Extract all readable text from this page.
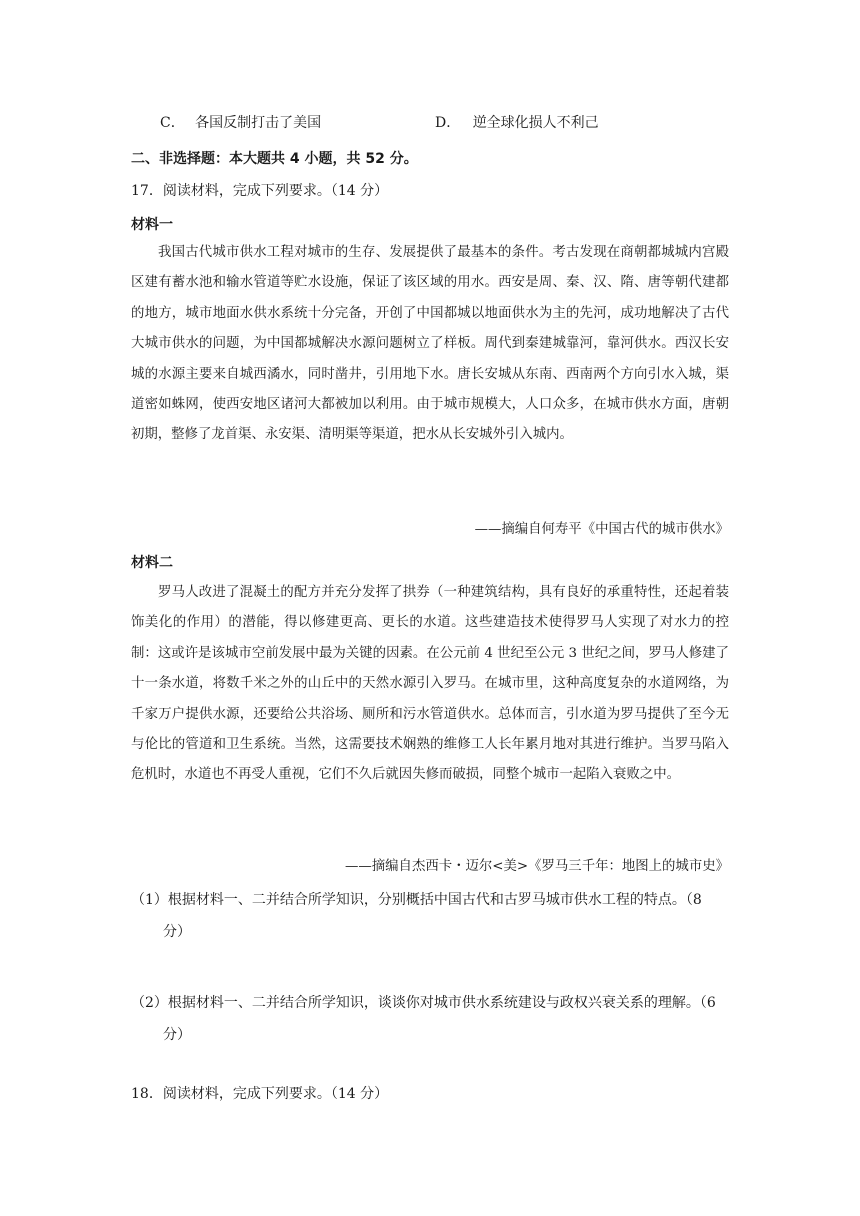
C． 各国反制打击了美国	D． 逆全球化损人不利己
二、非选择题：本大题共 4 小题，共 52 分。
17．阅读材料，完成下列要求。（14 分）
材料一
我国古代城市供水工程对城市的生存、发展提供了最基本的条件。考古发现在商朝都城城内宫殿区建有蓄水池和输水管道等贮水设施，保证了该区域的用水。西安是周、秦、汉、隋、唐等朝代建都的地方，城市地面水供水系统十分完备，开创了中国都城以地面供水为主的先河，成功地解决了古代大城市供水的问题，为中国都城解决水源问题树立了样板。周代到秦建城靠河，靠河供水。西汉长安城的水源主要来自城西潏水，同时凿井，引用地下水。唐长安城从东南、西南两个方向引水入城，渠道密如蛛网，使西安地区诸河大都被加以利用。由于城市规模大，人口众多，在城市供水方面，唐朝初期，整修了龙首渠、永安渠、清明渠等渠道，把水从长安城外引入城内。
——摘编自何寿平《中国古代的城市供水》
材料二
罗马人改进了混凝土的配方并充分发挥了拱券（一种建筑结构，具有良好的承重特性，还起着装饰美化的作用）的潜能，得以修建更高、更长的水道。这些建造技术使得罗马人实现了对水力的控制：这或许是该城市空前发展中最为关键的因素。在公元前 4 世纪至公元 3 世纪之间，罗马人修建了十一条水道，将数千米之外的山丘中的天然水源引入罗马。在城市里，这种高度复杂的水道网络，为千家万户提供水源，还要给公共浴场、厕所和污水管道供水。总体而言，引水道为罗马提供了至今无与伦比的管道和卫生系统。当然，这需要技术娴熟的维修工人长年累月地对其进行维护。当罗马陷入危机时，水道也不再受人重视，它们不久后就因失修而破损，同整个城市一起陷入衰败之中。
——摘编自杰西卡・迈尔<美>《罗马三千年：地图上的城市史》
（1）根据材料一、二并结合所学知识，分别概括中国古代和古罗马城市供水工程的特点。（8
分）
（2）根据材料一、二并结合所学知识，谈谈你对城市供水系统建设与政权兴衰关系的理解。（6
分）
18．阅读材料，完成下列要求。（14 分）
